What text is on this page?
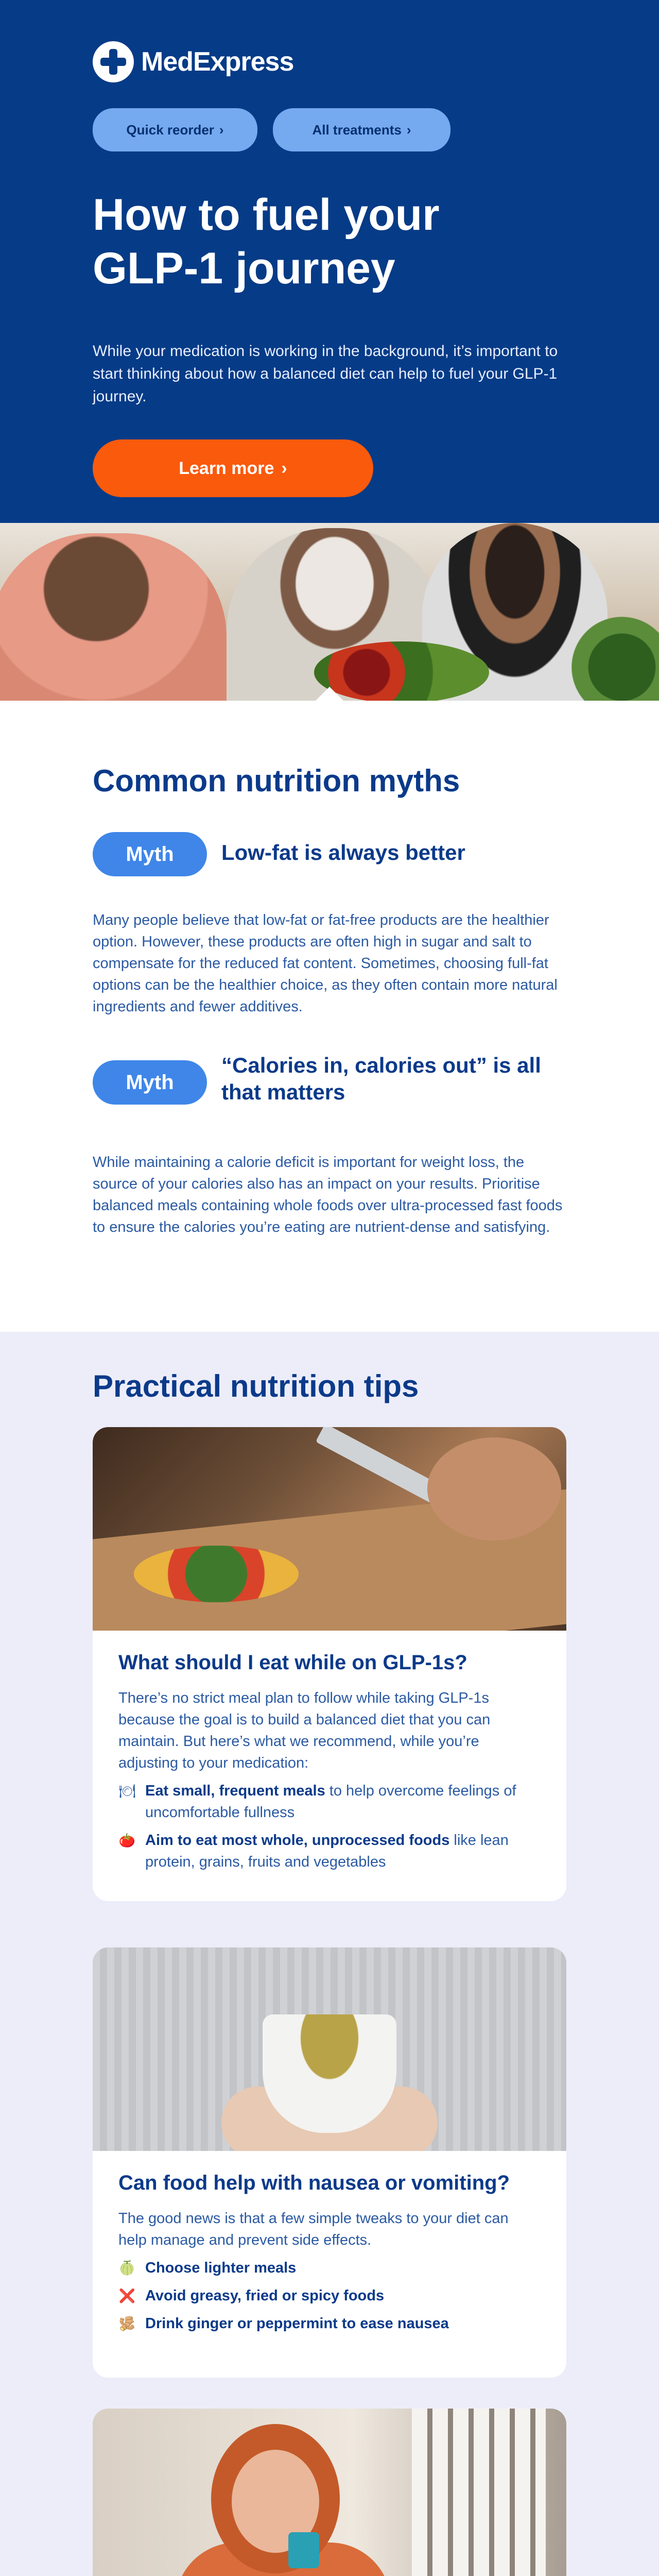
MedExpress
Quick reorder ›	All treatments ›
How to fuel your GLP-1 journey

While your medication is working in the background, it’s important to start thinking about how a balanced diet can help to fuel your GLP-1 journey.

Learn more ›
Common nutrition myths
Myth	Low-fat is always better

Many people believe that low-fat or fat-free products are the healthier option. However, these products are often high in sugar and salt to compensate for the reduced fat content. Sometimes, choosing full-fat options can be the healthier choice, as they often contain more natural ingredients and fewer additives.

Myth
“Calories in, calories out” is all that matters

While maintaining a calorie deficit is important for weight loss, the source of your calories also has an impact on your results. Prioritise balanced meals containing whole foods over ultra-processed fast foods to ensure the calories you’re eating are nutrient-dense and satisfying.

Practical nutrition tips
What should I eat while on GLP-1s?

There’s no strict meal plan to follow while taking GLP-1s because the goal is to build a balanced diet that you can maintain. But here’s what we recommend, while you’re adjusting to your medication:

🍽 Eat small, frequent meals to help overcome feelings of uncomfortable fullness
🍅 Aim to eat most whole, unprocessed foods like lean protein, grains, fruits and vegetables
Can food help with nausea or vomiting?

The good news is that a few simple tweaks to your diet can help manage and prevent side effects.

🍈 Choose lighter meals
❌ Avoid greasy, fried or spicy foods
🫚 Drink ginger or peppermint to ease nausea
